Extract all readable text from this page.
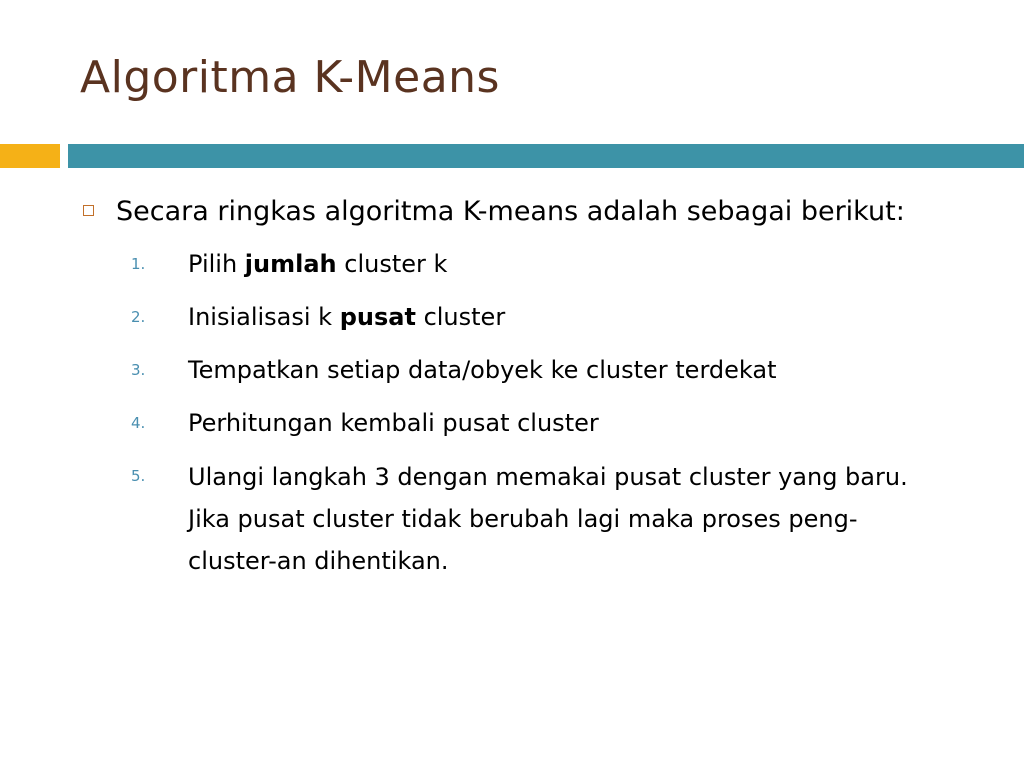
Algoritma K-Means
Secara ringkas algoritma K-means adalah sebagai berikut:
1.	Pilih jumlah cluster k
2.	Inisialisasi k pusat cluster
3.	Tempatkan setiap data/obyek ke cluster terdekat
4.	Perhitungan kembali pusat cluster
5.	Ulangi langkah 3 dengan memakai pusat cluster yang baru.  Jika pusat cluster tidak berubah lagi maka proses peng-cluster-an dihentikan.
